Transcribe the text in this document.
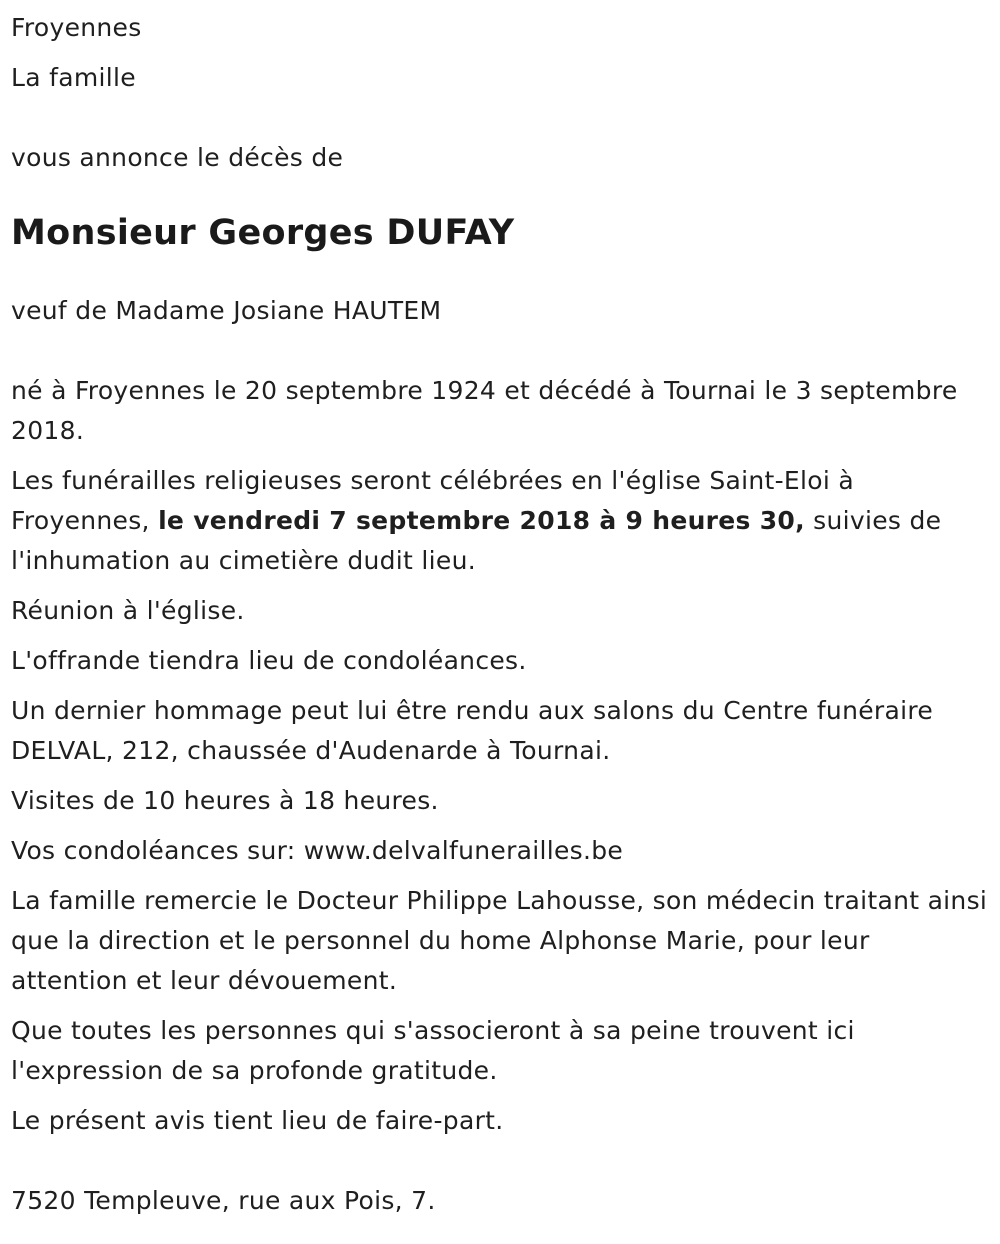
Froyennes
La famille
vous annonce le décès de
Monsieur Georges DUFAY
veuf de Madame Josiane HAUTEM
né à Froyennes le 20 septembre 1924 et décédé à Tournai le 3 septembre 2018.
Les funérailles religieuses seront célébrées en l'église Saint-Eloi à Froyennes, le vendredi 7 septembre 2018 à 9 heures 30, suivies de l'inhumation au cimetière dudit lieu.
Réunion à l'église.
L'offrande tiendra lieu de condoléances.
Un dernier hommage peut lui être rendu aux salons du Centre funéraire DELVAL, 212, chaussée d'Audenarde à Tournai.
Visites de 10 heures à 18 heures.
Vos condoléances sur: www.delvalfunerailles.be
La famille remercie le Docteur Philippe Lahousse, son médecin traitant ainsi que la direction et le personnel du home Alphonse Marie, pour leur attention et leur dévouement.
Que toutes les personnes qui s'associeront à sa peine trouvent ici l'expression de sa profonde gratitude.
Le présent avis tient lieu de faire-part.
7520 Templeuve, rue aux Pois, 7.
